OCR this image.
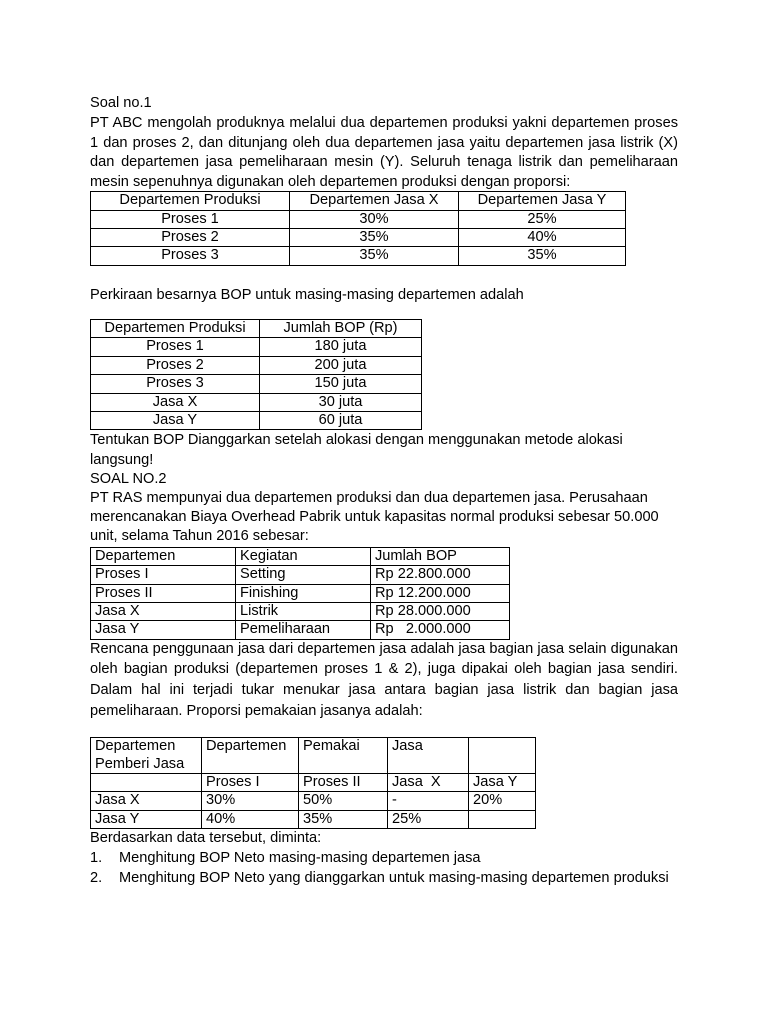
Soal no.1

PT ABC mengolah produknya melalui dua departemen produksi yakni departemen proses 1 dan proses 2, dan ditunjang oleh dua departemen jasa yaitu departemen jasa listrik (X) dan departemen jasa pemeliharaan mesin (Y). Seluruh tenaga listrik dan pemeliharaan mesin sepenuhnya digunakan oleh departemen produksi dengan proporsi:

Departemen Produksi	Departemen Jasa X	Departemen Jasa Y
Proses 1	30%	25%
Proses 2	35%	40%
Proses 3	35%	35%

Perkiraan besarnya BOP untuk masing-masing departemen adalah

Departemen Produksi	Jumlah BOP (Rp)
Proses 1	180 juta
Proses 2	200 juta
Proses 3	150 juta
Jasa X	30 juta
Jasa Y	60 juta

Tentukan BOP Dianggarkan setelah alokasi dengan menggunakan metode alokasi langsung!

SOAL NO.2

PT RAS mempunyai dua departemen produksi dan dua departemen jasa. Perusahaan merencanakan Biaya Overhead Pabrik untuk kapasitas normal produksi sebesar 50.000 unit, selama Tahun 2016 sebesar:

Departemen	Kegiatan	Jumlah BOP
Proses I	Setting	Rp 22.800.000
Proses II	Finishing	Rp 12.200.000
Jasa X	Listrik	Rp 28.000.000
Jasa Y	Pemeliharaan	Rp   2.000.000

Rencana penggunaan jasa dari departemen jasa adalah jasa bagian jasa selain digunakan oleh bagian produksi (departemen proses 1 & 2), juga dipakai oleh bagian jasa sendiri. Dalam hal ini terjadi tukar menukar jasa antara bagian jasa listrik dan bagian jasa pemeliharaan. Proporsi pemakaian jasanya adalah:

Departemen Pemberi Jasa	Departemen	Pemakai	Jasa	
	Proses I	Proses II	Jasa  X	Jasa Y
Jasa X	30%	50%	-	20%
Jasa Y	40%	35%	25%	

Berdasarkan data tersebut, diminta:

1.	Menghitung BOP Neto masing-masing departemen jasa
2.	Menghitung BOP Neto yang dianggarkan untuk masing-masing departemen produksi
